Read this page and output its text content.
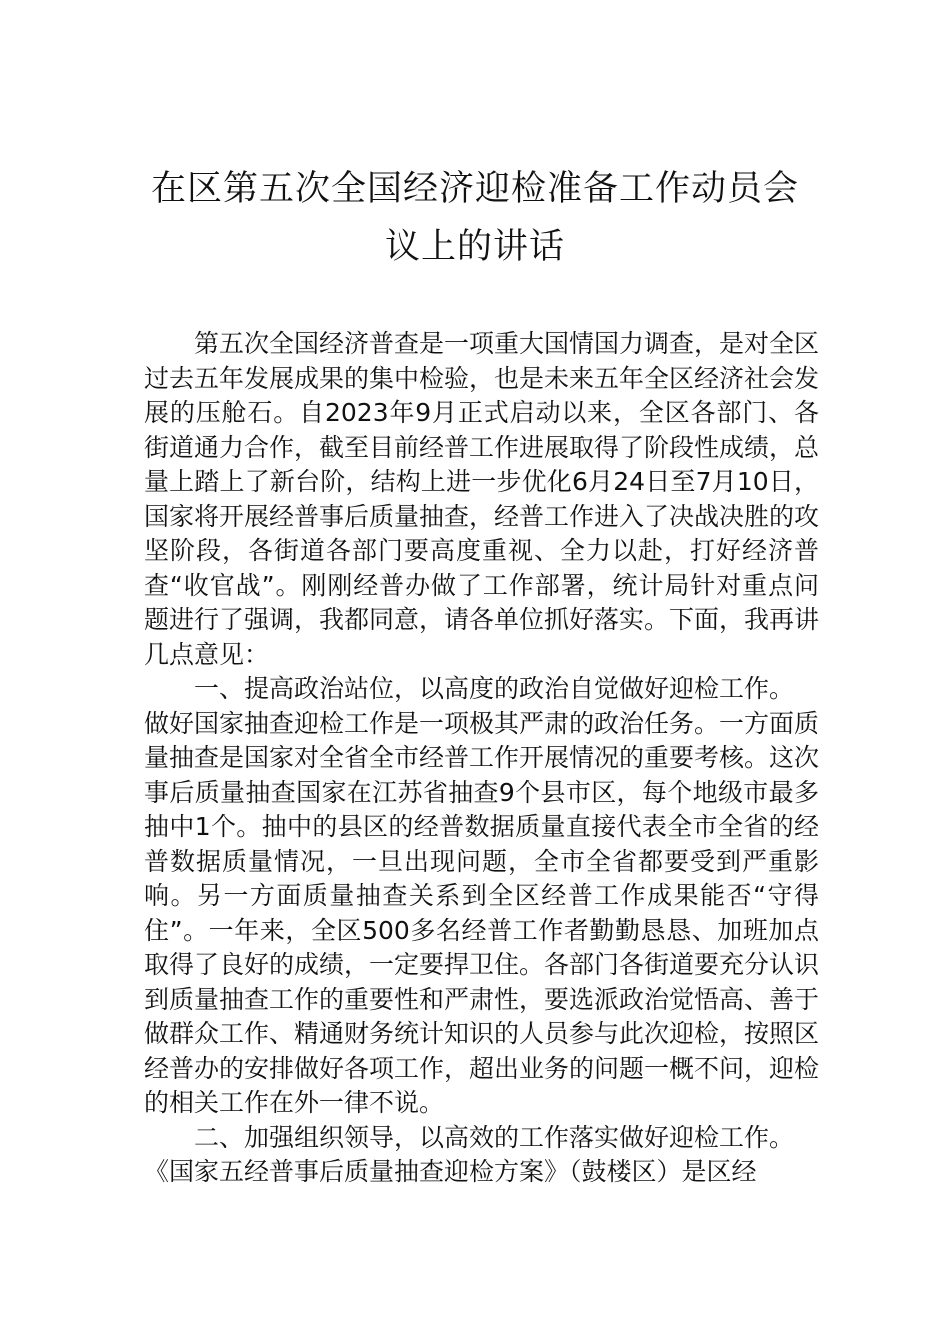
在区第五次全国经济迎检准备工作动员会
议上的讲话

第五次全国经济普查是一项重大国情国力调查，是对全区过去五年发展成果的集中检验，也是未来五年全区经济社会发展的压舱石。自2023年9月正式启动以来，全区各部门、各街道通力合作，截至目前经普工作进展取得了阶段性成绩，总量上踏上了新台阶，结构上进一步优化6月24日至7月10日，国家将开展经普事后质量抽查，经普工作进入了决战决胜的攻坚阶段，各街道各部门要高度重视、全力以赴，打好经济普查“收官战”。刚刚经普办做了工作部署，统计局针对重点问题进行了强调，我都同意，请各单位抓好落实。下面，我再讲几点意见：

一、提高政治站位，以高度的政治自觉做好迎检工作。

做好国家抽查迎检工作是一项极其严肃的政治任务。一方面质量抽查是国家对全省全市经普工作开展情况的重要考核。这次事后质量抽查国家在江苏省抽查9个县市区，每个地级市最多抽中1个。抽中的县区的经普数据质量直接代表全市全省的经普数据质量情况，一旦出现问题，全市全省都要受到严重影响。另一方面质量抽查关系到全区经普工作成果能否“守得住”。一年来，全区500多名经普工作者勤勤恳恳、加班加点取得了良好的成绩，一定要捍卫住。各部门各街道要充分认识到质量抽查工作的重要性和严肃性，要选派政治觉悟高、善于做群众工作、精通财务统计知识的人员参与此次迎检，按照区经普办的安排做好各项工作，超出业务的问题一概不问，迎检的相关工作在外一律不说。

二、加强组织领导，以高效的工作落实做好迎检工作。

《国家五经普事后质量抽查迎检方案》（鼓楼区）是区经
